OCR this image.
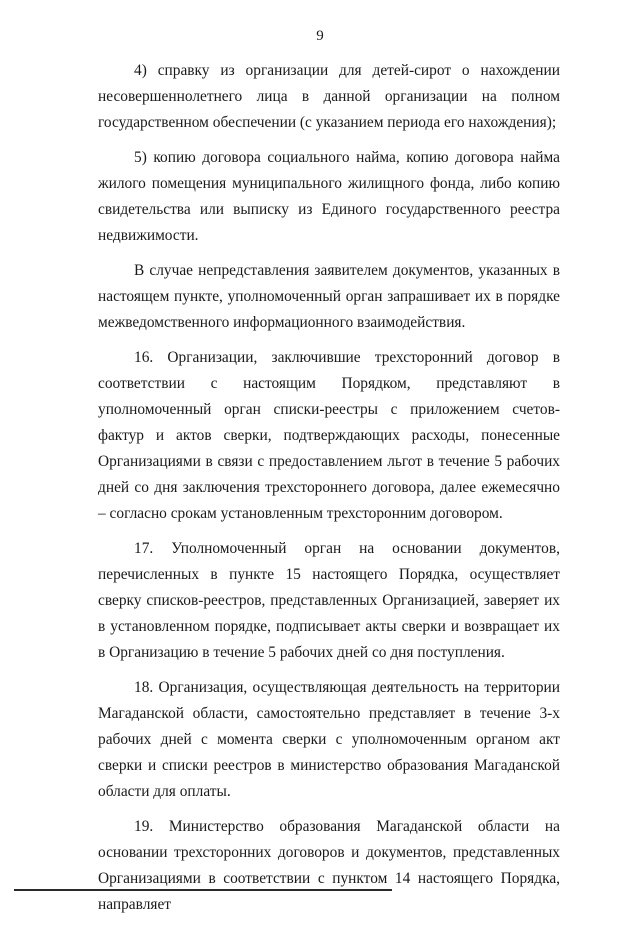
9

4) справку из организации для детей-сирот о нахождении несовершеннолетнего лица в данной организации на полном государственном обеспечении (с указанием периода его нахождения);

5) копию договора социального найма, копию договора найма жилого помещения муниципального жилищного фонда, либо копию свидетельства или выписку из Единого государственного реестра недвижимости.

В случае непредставления заявителем документов, указанных в настоящем пункте, уполномоченный орган запрашивает их в порядке межведомственного информационного взаимодействия.

16. Организации, заключившие трехсторонний договор в соответствии с настоящим Порядком, представляют в уполномоченный орган списки-реестры с приложением счетов-фактур и актов сверки, подтверждающих расходы, понесенные Организациями в связи с предоставлением льгот в течение 5 рабочих дней со дня заключения трехстороннего договора, далее ежемесячно – согласно срокам установленным трехсторонним договором.

17. Уполномоченный орган на основании документов, перечисленных в пункте 15 настоящего Порядка, осуществляет сверку списков-реестров, представленных Организацией, заверяет их в установленном порядке, подписывает акты сверки и возвращает их в Организацию в течение 5 рабочих дней со дня поступления.

18. Организация, осуществляющая деятельность на территории Магаданской области, самостоятельно представляет в течение 3-х рабочих дней с момента сверки с уполномоченным органом акт сверки и списки реестров в министерство образования Магаданской области для оплаты.

19. Министерство образования Магаданской области на основании трехсторонних договоров и документов, представленных Организациями в соответствии с пунктом 14 настоящего Порядка, направляет
